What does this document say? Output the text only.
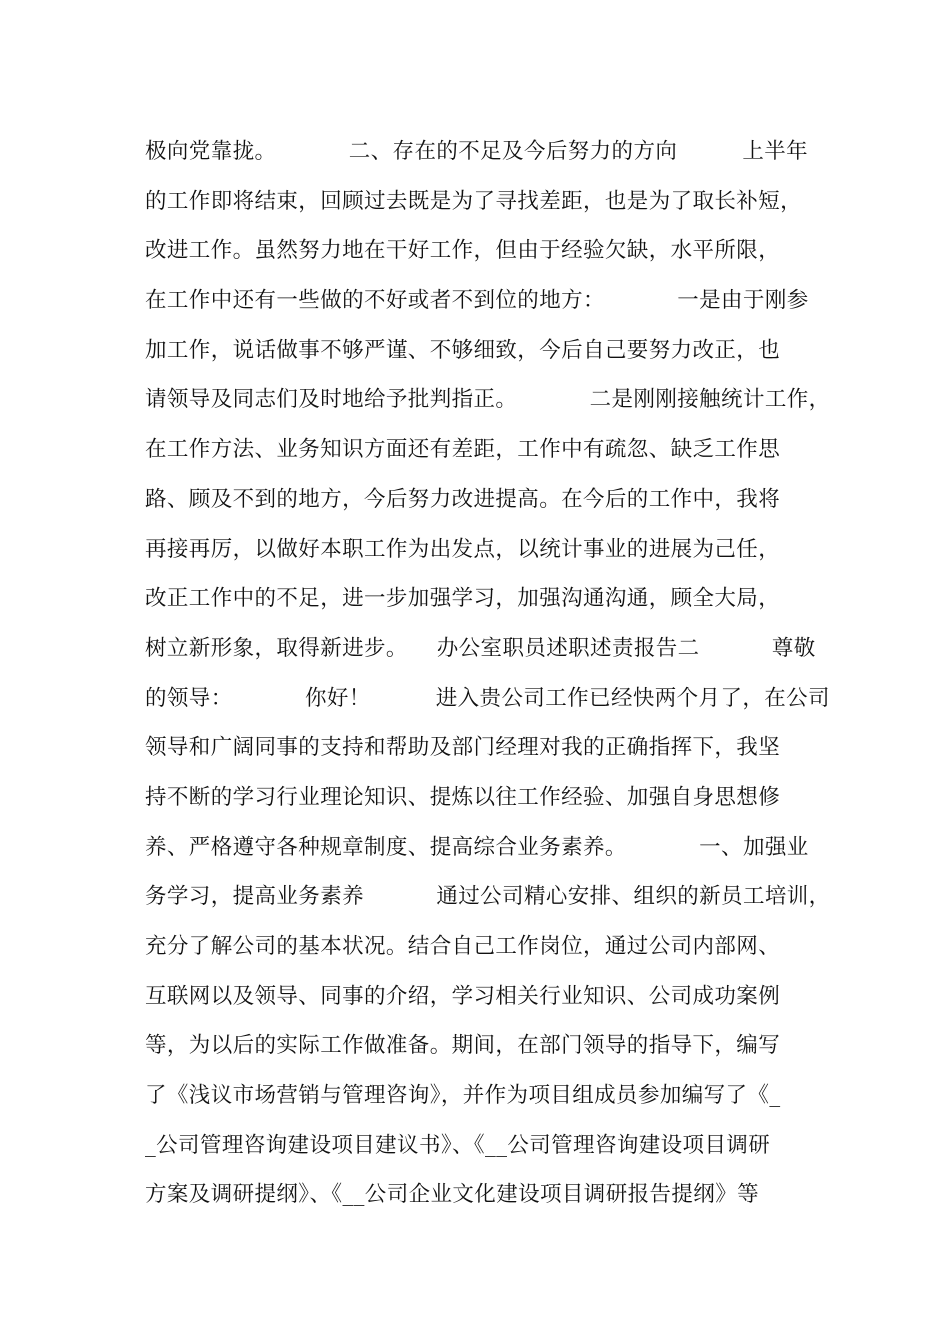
极向党靠拢。          二、存在的不足及今后努力的方向         上半年
的工作即将结束，回顾过去既是为了寻找差距，也是为了取长补短，
改进工作。虽然努力地在干好工作，但由于经验欠缺，水平所限，
在工作中还有一些做的不好或者不到位的地方：          一是由于刚参
加工作，说话做事不够严谨、不够细致，今后自己要努力改正，也
请领导及同志们及时地给予批判指正。          二是刚刚接触统计工作，
在工作方法、业务知识方面还有差距，工作中有疏忽、缺乏工作思
路、顾及不到的地方，今后努力改进提高。在今后的工作中，我将
再接再厉，以做好本职工作为出发点，以统计事业的进展为己任，
改正工作中的不足，进一步加强学习，加强沟通沟通，顾全大局，
树立新形象，取得新进步。    办公室职员述职述责报告二          尊敬
的领导：          你好！         进入贵公司工作已经快两个月了，在公司
领导和广阔同事的支持和帮助及部门经理对我的正确指挥下，我坚
持不断的学习行业理论知识、提炼以往工作经验、加强自身思想修
养、严格遵守各种规章制度、提高综合业务素养。          一、加强业
务学习，提高业务素养          通过公司精心安排、组织的新员工培训，
充分了解公司的基本状况。结合自己工作岗位，通过公司内部网、
互联网以及领导、同事的介绍，学习相关行业知识、公司成功案例
等，为以后的实际工作做准备。期间，在部门领导的指导下，编写
了《浅议市场营销与管理咨询》，并作为项目组成员参加编写了《_
_公司管理咨询建设项目建议书》、《__公司管理咨询建设项目调研
方案及调研提纲》、《__公司企业文化建设项目调研报告提纲》等
